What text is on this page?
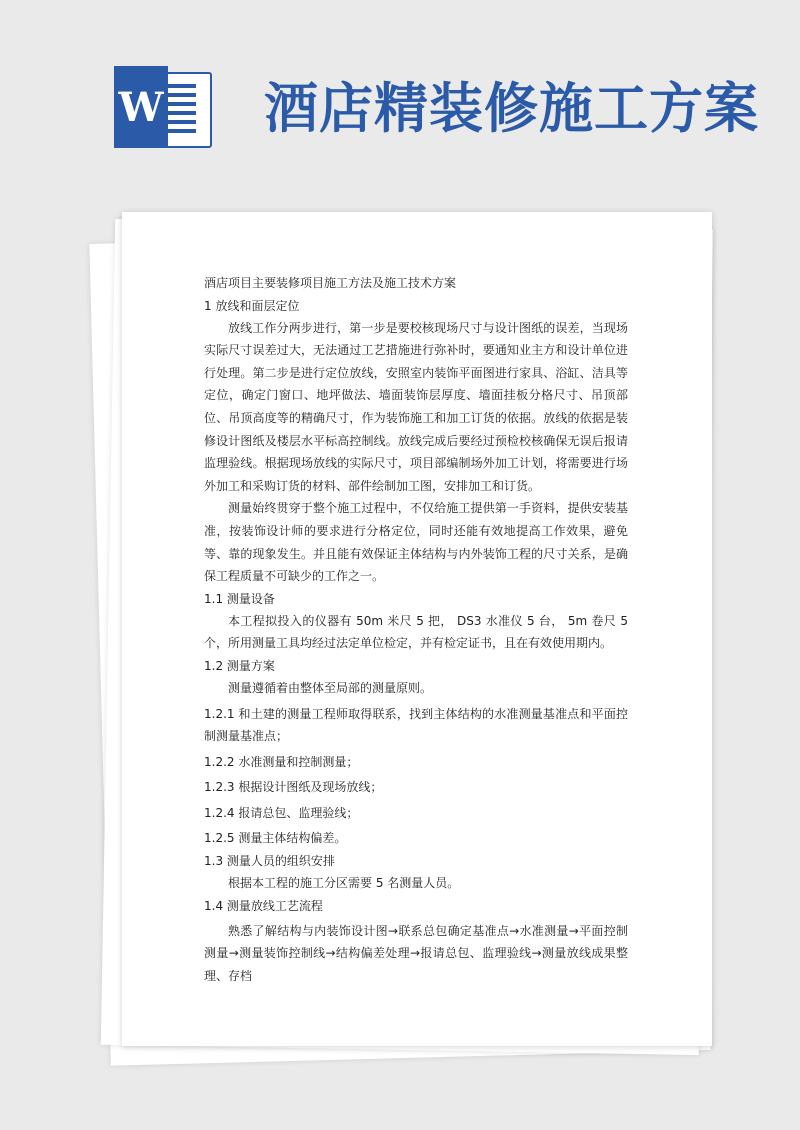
W 酒店精装修施工方案

酒店项目主要装修项目施工方法及施工技术方案

1 放线和面层定位

放线工作分两步进行，第一步是要校核现场尺寸与设计图纸的误差，当现场实际尺寸误差过大，无法通过工艺措施进行弥补时，要通知业主方和设计单位进行处理。第二步是进行定位放线，安照室内装饰平面图进行家具、浴缸、洁具等定位，确定门窗口、地坪做法、墙面装饰层厚度、墙面挂板分格尺寸、吊顶部位、吊顶高度等的精确尺寸，作为装饰施工和加工订货的依据。放线的依据是装修设计图纸及楼层水平标高控制线。放线完成后要经过预检校核确保无误后报请监理验线。根据现场放线的实际尺寸，项目部编制场外加工计划，将需要进行场外加工和采购订货的材料、部件绘制加工图，安排加工和订货。

测量始终贯穿于整个施工过程中，不仅给施工提供第一手资料，提供安装基准，按装饰设计师的要求进行分格定位，同时还能有效地提高工作效果，避免等、靠的现象发生。并且能有效保证主体结构与内外装饰工程的尺寸关系，是确保工程质量不可缺少的工作之一。

1.1 测量设备

本工程拟投入的仪器有 50m 米尺 5 把， DS3 水准仪 5 台， 5m 卷尺 5 个，所用测量工具均经过法定单位检定，并有检定证书，且在有效使用期内。

1.2 测量方案

测量遵循着由整体至局部的测量原则。

1.2.1 和土建的测量工程师取得联系，找到主体结构的水准测量基准点和平面控制测量基准点；

1.2.2 水准测量和控制测量；

1.2.3 根据设计图纸及现场放线；

1.2.4 报请总包、监理验线；

1.2.5 测量主体结构偏差。

1.3 测量人员的组织安排

根据本工程的施工分区需要 5 名测量人员。

1.4 测量放线工艺流程

熟悉了解结构与内装饰设计图→联系总包确定基准点→水准测量→平面控制测量→测量装饰控制线→结构偏差处理→报请总包、监理验线→测量放线成果整理、存档
